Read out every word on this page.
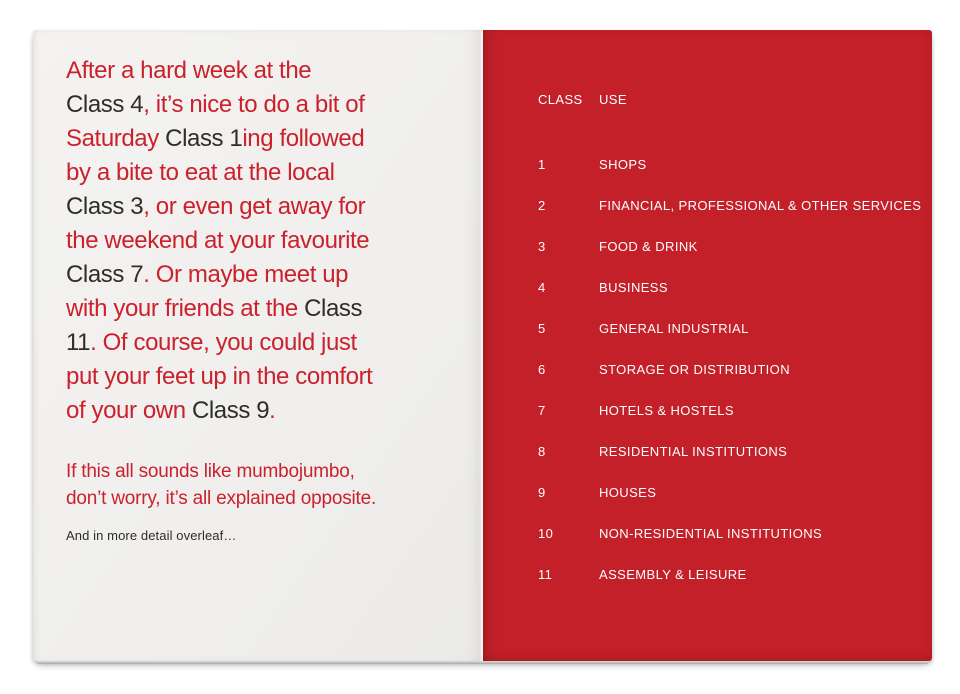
After a hard week at the
Class 4, it’s nice to do a bit of
Saturday Class 1ing followed
by a bite to eat at the local
Class 3, or even get away for
the weekend at your favourite
Class 7. Or maybe meet up
with your friends at the Class
11. Of course, you could just
put your feet up in the comfort
of your own Class 9.
If this all sounds like mumbojumbo,
don’t worry, it’s all explained opposite.
And in more detail overleaf…
CLASS	USE
1	SHOPS
2	FINANCIAL, PROFESSIONAL & OTHER SERVICES
3	FOOD & DRINK
4	BUSINESS
5	GENERAL INDUSTRIAL
6	STORAGE OR DISTRIBUTION
7	HOTELS & HOSTELS
8	RESIDENTIAL INSTITUTIONS
9	HOUSES
10	NON-RESIDENTIAL INSTITUTIONS
11	ASSEMBLY & LEISURE
